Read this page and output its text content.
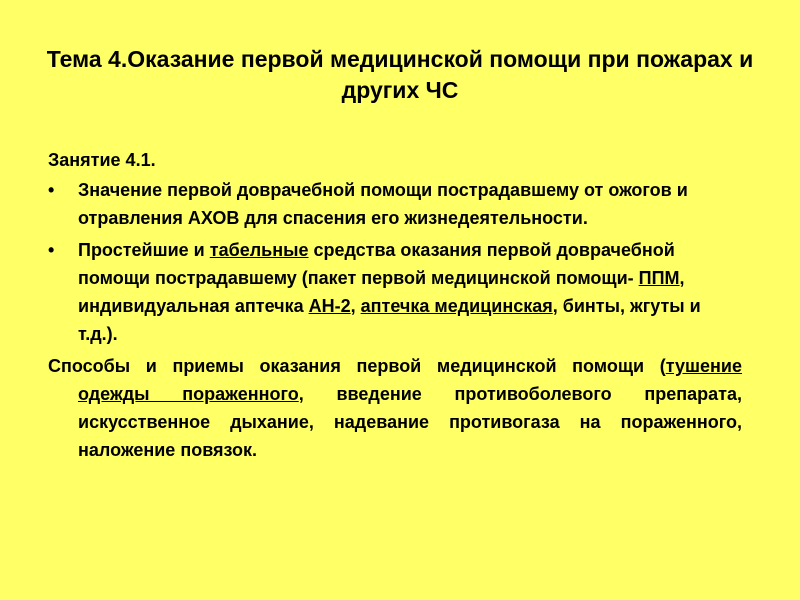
Тема 4.Оказание первой медицинской помощи при пожарах и других ЧС

Занятие 4.1.

•	Значение первой доврачебной помощи пострадавшему от ожогов и отравления АХОВ для спасения его жизнедеятельности.
•	Простейшие и табельные средства оказания первой доврачебной помощи пострадавшему (пакет первой медицинской помощи- ППМ, индивидуальная аптечка АН-2, аптечка медицинская, бинты, жгуты и т.д.).

Способы и приемы оказания первой медицинской помощи (тушение одежды пораженного, введение противоболевого препарата, искусственное дыхание, надевание противогаза на пораженного, наложение повязок.
